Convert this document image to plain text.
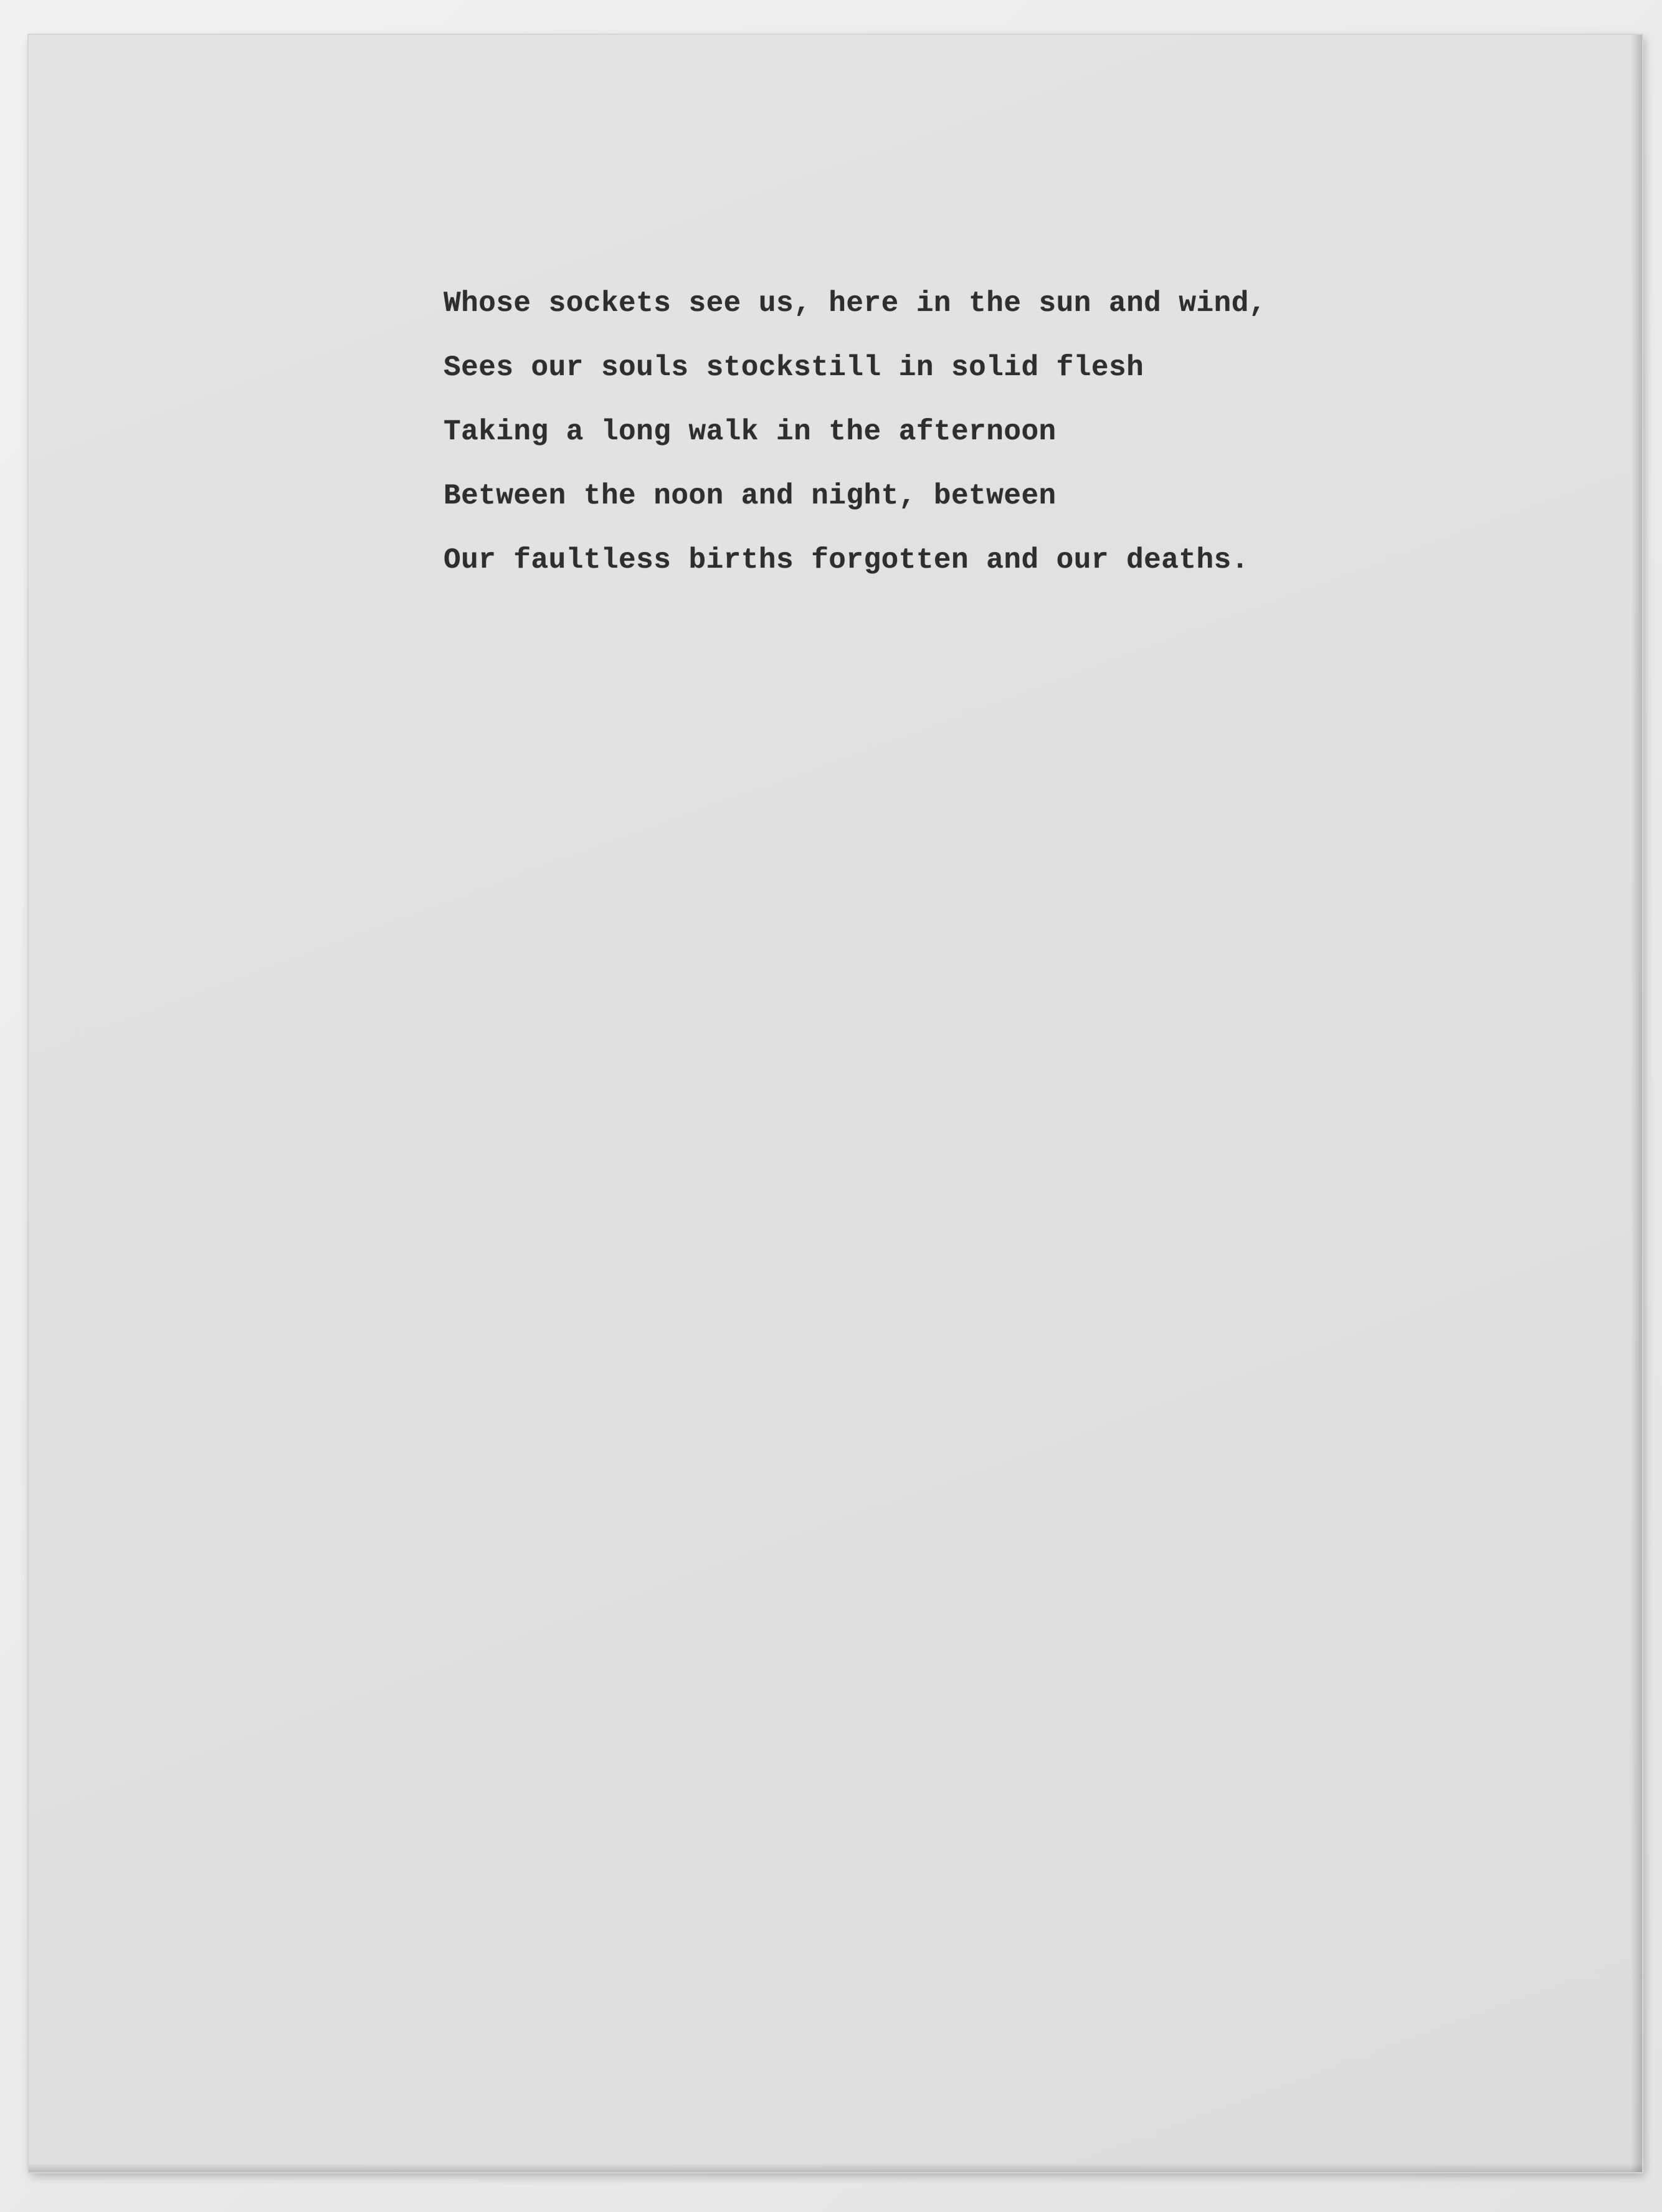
Whose sockets see us, here in the sun and wind,
Sees our souls stockstill in solid flesh
Taking a long walk in the afternoon
Between the noon and night, between
Our faultless births forgotten and our deaths.
